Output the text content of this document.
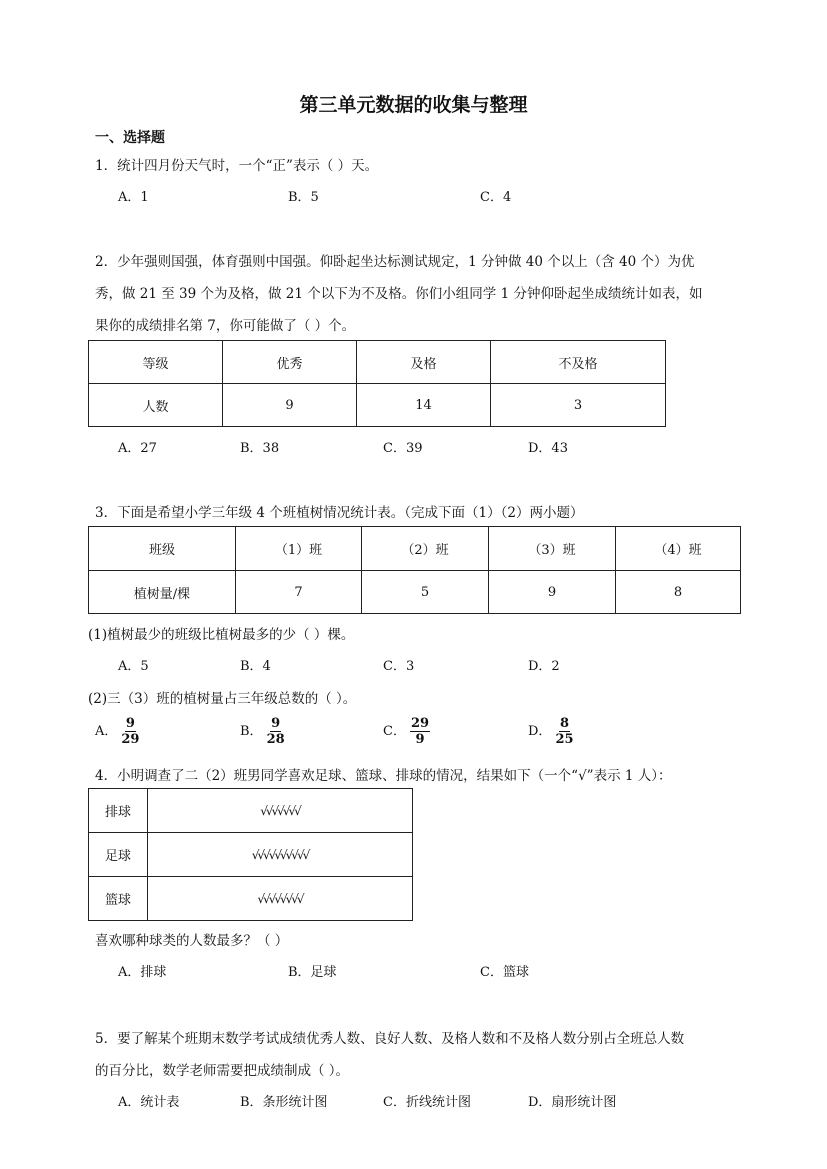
第三单元数据的收集与整理
一、选择题
1．统计四月份天气时，一个“正”表示（ ）天。
A．1	B．5	C．4
2．少年强则国强，体育强则中国强。仰卧起坐达标测试规定，1 分钟做 40 个以上（含 40 个）为优
秀，做 21 至 39 个为及格，做 21 个以下为不及格。你们小组同学 1 分钟仰卧起坐成绩统计如表，如
果你的成绩排名第 7，你可能做了（ ）个。
等级	优秀	及格	不及格
人数	9	14	3
A．27	B．38	C．39	D．43
3．下面是希望小学三年级 4 个班植树情况统计表。（完成下面（1）（2）两小题）
班级	（1）班	（2）班	（3）班	（4）班
植树量/棵	7	5	9	8
(1)植树最少的班级比植树最多的少（ ）棵。
A．5	B．4	C．3	D．2
(2)三（3）班的植树量占三年级总数的（ ）。
A． $\frac{9}{29}$	B． $\frac{9}{28}$	C． $\frac{29}{9}$	D． $\frac{8}{25}$
4．小明调查了二（2）班男同学喜欢足球、篮球、排球的情况，结果如下（一个“√”表示 1 人）：
排球	√√√√√√√
足球	√√√√√√√√√√
篮球	√√√√√√√√
喜欢哪种球类的人数最多？（ ）
A．排球	B．足球	C．篮球
5．要了解某个班期末数学考试成绩优秀人数、良好人数、及格人数和不及格人数分别占全班总人数
的百分比，数学老师需要把成绩制成（ ）。
A．统计表	B．条形统计图	C．折线统计图	D．扇形统计图
